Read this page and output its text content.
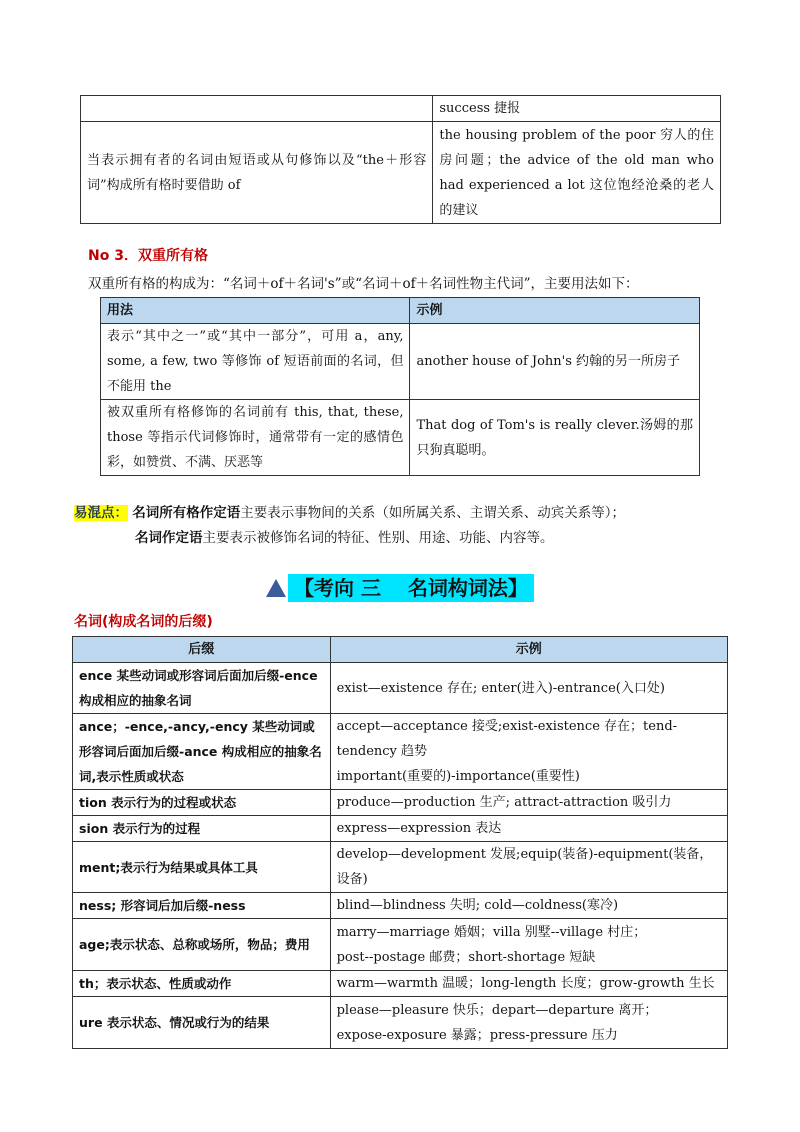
	success 捷报
当表示拥有者的名词由短语或从句修饰以及“the＋形容词”构成所有格时要借助 of	the housing problem of the poor 穷人的住房问题；the advice of the old man who had experienced a lot 这位饱经沧桑的老人的建议
No 3．双重所有格
双重所有格的构成为：“名词＋of＋名词's”或“名词＋of＋名词性物主代词”，主要用法如下：
用法	示例
表示“其中之一”或“其中一部分”，可用 a，any, some, a few, two 等修饰 of 短语前面的名词，但不能用 the	another house of John's 约翰的另一所房子
被双重所有格修饰的名词前有 this, that, these, those 等指示代词修饰时，通常带有一定的感情色彩，如赞赏、不满、厌恶等	That dog of Tom's is really clever.汤姆的那只狗真聪明。
易混点： 名词所有格作定语主要表示事物间的关系（如所属关系、主谓关系、动宾关系等）；
名词作定语主要表示被修饰名词的特征、性别、用途、功能、内容等。
【考向 三　 名词构词法】
名词(构成名词的后缀)
后缀	示例
ence 某些动词或形容词后面加后缀-ence 构成相应的抽象名词	exist—existence 存在; enter(进入)-entrance(入口处)

ance；-ence,-ancy,-ency 某些动词或形容词后面加后缀-ance 构成相应的抽象名词,表示性质或状态	accept—acceptance 接受;exist-existence 存在；tend-tendency 趋势
important(重要的)-importance(重要性)

tion 表示行为的过程或状态	produce—production 生产; attract-attraction 吸引力

sion 表示行为的过程	express—expression 表达

ment;表示行为结果或具体工具	develop—development 发展;equip(装备)-equipment(装备，设备)

ness; 形容词后加后缀-ness	blind—blindness 失明; cold—coldness(寒冷)

age;表示状态、总称或场所，物品；费用	marry—marriage 婚姻；villa 别墅--village 村庄；
post--postage 邮费；short-shortage 短缺

th；表示状态、性质或动作	warm—warmth 温暖；long-length 长度；grow-growth 生长

ure 表示状态、情况或行为的结果	please—pleasure 快乐；depart—departure 离开；
expose-exposure 暴露；press-pressure 压力
